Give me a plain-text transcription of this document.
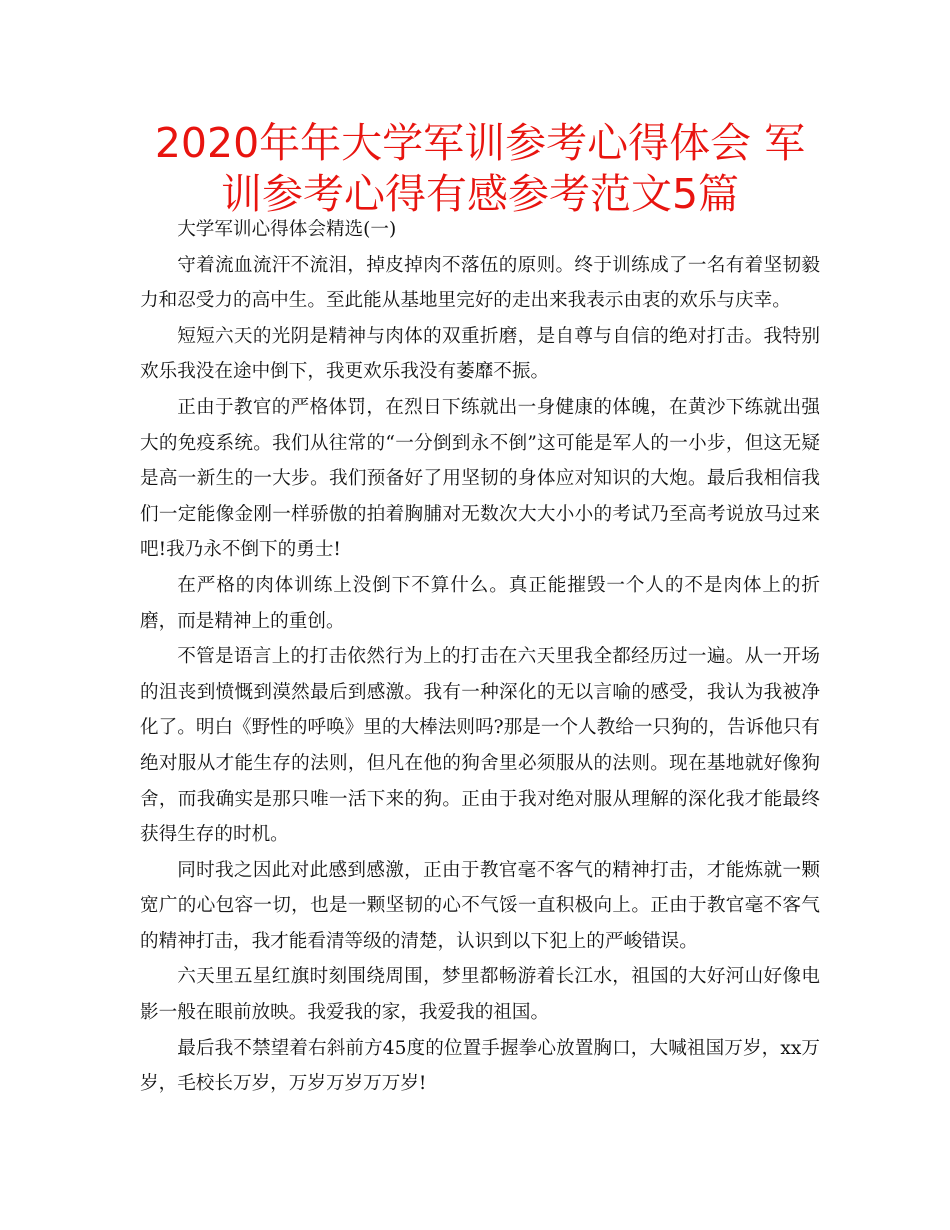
2020年年大学军训参考心得体会 军训参考心得有感参考范文5篇

大学军训心得体会精选(一)

守着流血流汗不流泪，掉皮掉肉不落伍的原则。终于训练成了一名有着坚韧毅力和忍受力的高中生。至此能从基地里完好的走出来我表示由衷的欢乐与庆幸。

短短六天的光阴是精神与肉体的双重折磨，是自尊与自信的绝对打击。我特别欢乐我没在途中倒下，我更欢乐我没有萎靡不振。

正由于教官的严格体罚，在烈日下练就出一身健康的体魄，在黄沙下练就出强大的免疫系统。我们从往常的“一分倒到永不倒”这可能是军人的一小步，但这无疑是高一新生的一大步。我们预备好了用坚韧的身体应对知识的大炮。最后我相信我们一定能像金刚一样骄傲的拍着胸脯对无数次大大小小的考试乃至高考说放马过来吧!我乃永不倒下的勇士!

在严格的肉体训练上没倒下不算什么。真正能摧毁一个人的不是肉体上的折磨，而是精神上的重创。

不管是语言上的打击依然行为上的打击在六天里我全都经历过一遍。从一开场的沮丧到愤慨到漠然最后到感激。我有一种深化的无以言喻的感受，我认为我被净化了。明白《野性的呼唤》里的大棒法则吗?那是一个人教给一只狗的，告诉他只有绝对服从才能生存的法则，但凡在他的狗舍里必须服从的法则。现在基地就好像狗舍，而我确实是那只唯一活下来的狗。正由于我对绝对服从理解的深化我才能最终获得生存的时机。

同时我之因此对此感到感激，正由于教官毫不客气的精神打击，才能炼就一颗宽广的心包容一切，也是一颗坚韧的心不气馁一直积极向上。正由于教官毫不客气的精神打击，我才能看清等级的清楚，认识到以下犯上的严峻错误。

六天里五星红旗时刻围绕周围，梦里都畅游着长江水，祖国的大好河山好像电影一般在眼前放映。我爱我的家，我爱我的祖国。

最后我不禁望着右斜前方45度的位置手握拳心放置胸口，大喊祖国万岁，xx万岁，毛校长万岁，万岁万岁万万岁!
